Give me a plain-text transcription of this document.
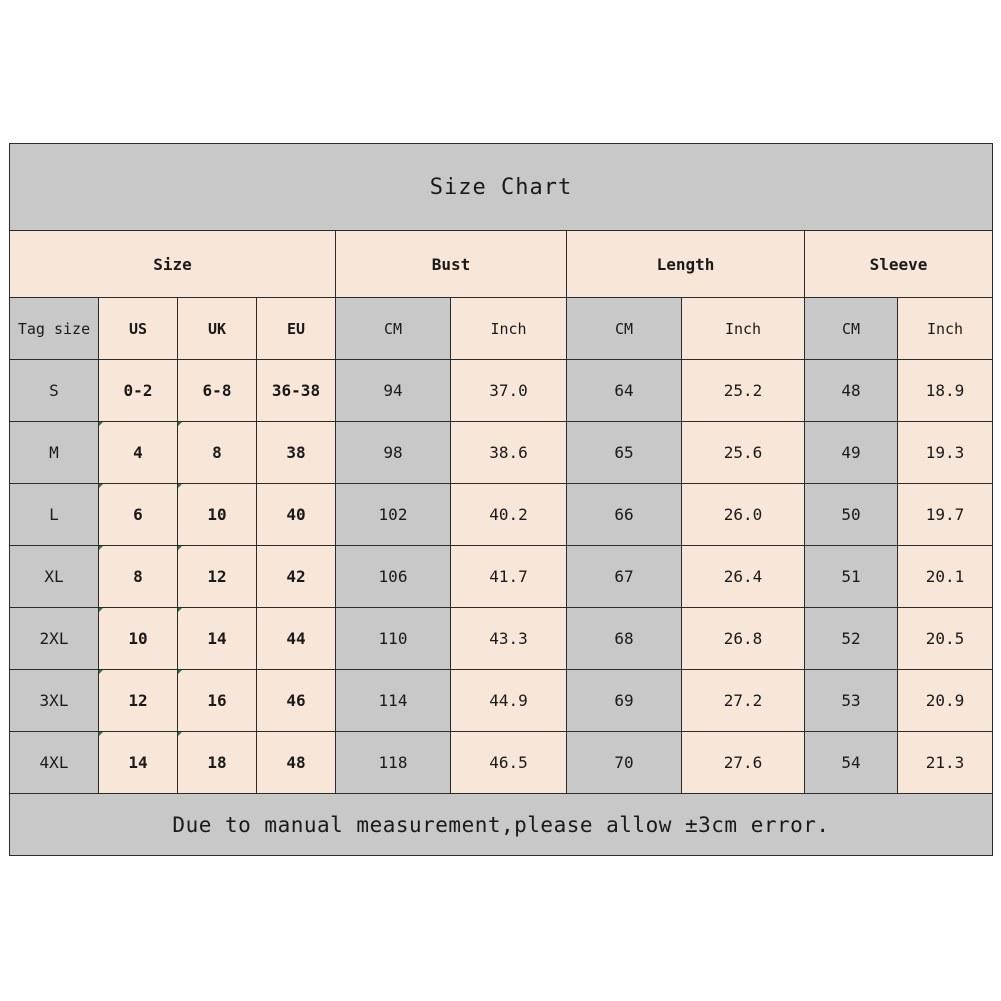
Size Chart									
Size				Bust		Length		Sleeve	
Tag size	US	UK	EU	CM	Inch	CM	Inch	CM	Inch
S	0-2	6-8	36-38	94	37.0	64	25.2	48	18.9
M	4	8	38	98	38.6	65	25.6	49	19.3
L	6	10	40	102	40.2	66	26.0	50	19.7
XL	8	12	42	106	41.7	67	26.4	51	20.1
2XL	10	14	44	110	43.3	68	26.8	52	20.5
3XL	12	16	46	114	44.9	69	27.2	53	20.9
4XL	14	18	48	118	46.5	70	27.6	54	21.3
Due to manual measurement,please allow ±3cm error.									
